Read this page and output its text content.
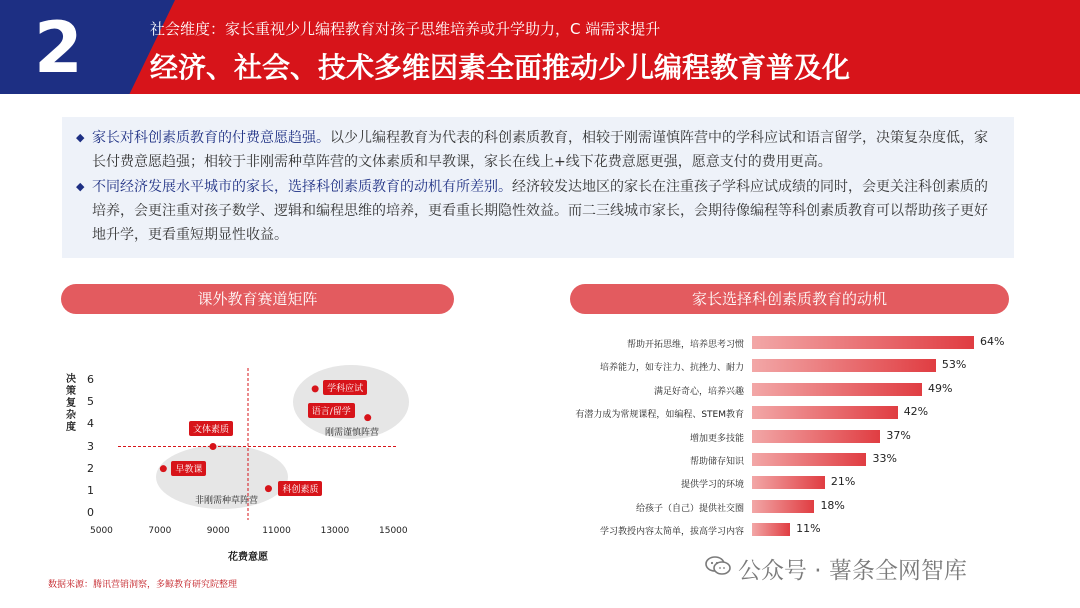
2	社会维度：家长重视少儿编程教育对孩子思维培养或升学助力，C 端需求提升
经济、社会、技术多维因素全面推动少儿编程教育普及化

◆ 家长对科创素质教育的付费意愿趋强。以少儿编程教育为代表的科创素质教育，相较于刚需谨慎阵营中的学科应试和语言留学，决策复杂度低，家长付费意愿趋强；相较于非刚需种草阵营的文体素质和早教课，家长在线上+线下花费意愿更强，愿意支付的费用更高。

◆ 不同经济发展水平城市的家长，选择科创素质教育的动机有所差别。经济较发达地区的家长在注重孩子学科应试成绩的同时，会更关注科创素质的培养，会更注重对孩子数学、逻辑和编程思维的培养，更看重长期隐性效益。而二三线城市家长，会期待像编程等科创素质教育可以帮助孩子更好地升学，更看重短期显性收益。

课外教育赛道矩阵	家长选择科创素质教育的动机
决策复杂度
花费意愿
0
1
2
3
4
5
6
5000	7000	9000	11000	13000	15000
学科应试
语言/留学
文体素质
早教课
科创素质
刚需谨慎阵营
非刚需种草阵营
帮助开拓思维，培养思考习惯	64%
培养能力，如专注力、抗挫力、耐力	53%
满足好奇心，培养兴趣	49%
有潜力成为常规课程，如编程、STEM教育	42%
增加更多技能	37%
帮助储存知识	33%
提供学习的环境	21%
给孩子（自己）提供社交圈	18%
学习教授内容太简单，拔高学习内容	11%
数据来源：腾讯营销洞察，多鲸教育研究院整理
公众号 · 薯条全网智库
